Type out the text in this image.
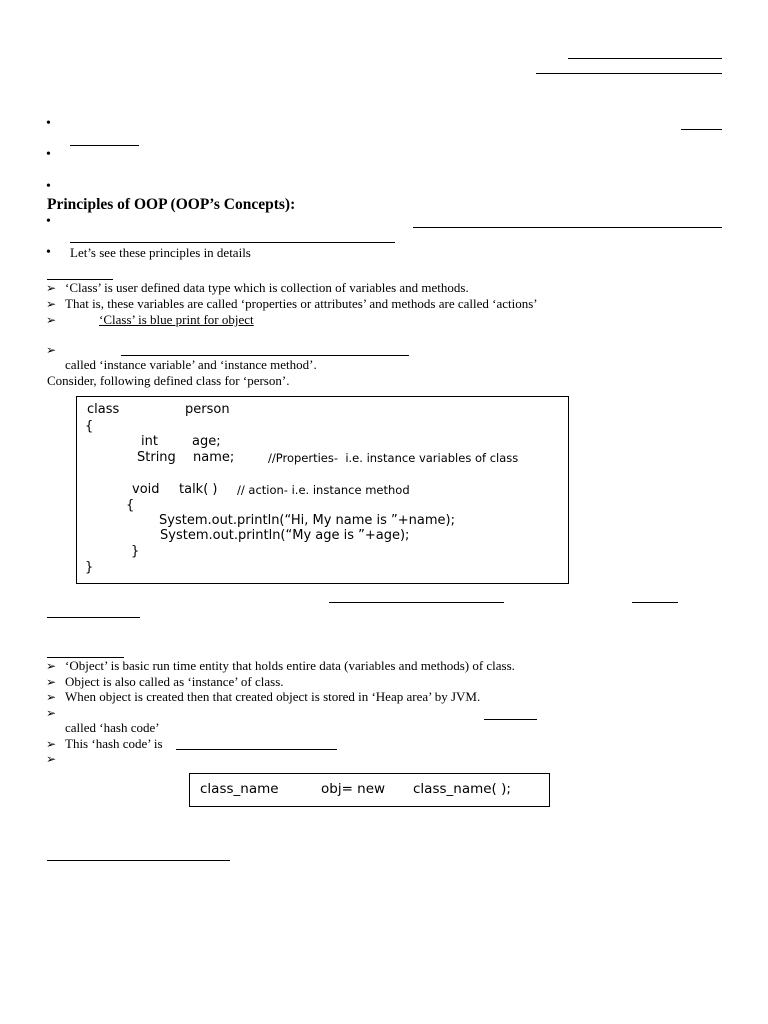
•
•
•
Principles of OOP (OOP’s Concepts):
•
• Let’s see these principles in details
➢ ‘Class’ is user defined data type which is collection of variables and methods.
➢ That is, these variables are called ‘properties or attributes’ and methods are called ‘actions’
➢	‘Class’ is blue print for object
➢
called ‘instance variable’ and ‘instance method’.
Consider, following defined class for ‘person’.
class	person
{
int	age;
String name;	//Properties-  i.e. instance variables of class
void talk( ) // action- i.e. instance method
{
System.out.println(“Hi, My name is ”+name);
System.out.println(“My age is ”+age);
}
}
➢ ‘Object’ is basic run time entity that holds entire data (variables and methods) of class.
➢ Object is also called as ‘instance’ of class.
➢ When object is created then that created object is stored in ‘Heap area’ by JVM.
➢
called ‘hash code’
➢ This ‘hash code’ is
➢
class_name	obj= new class_name( );
